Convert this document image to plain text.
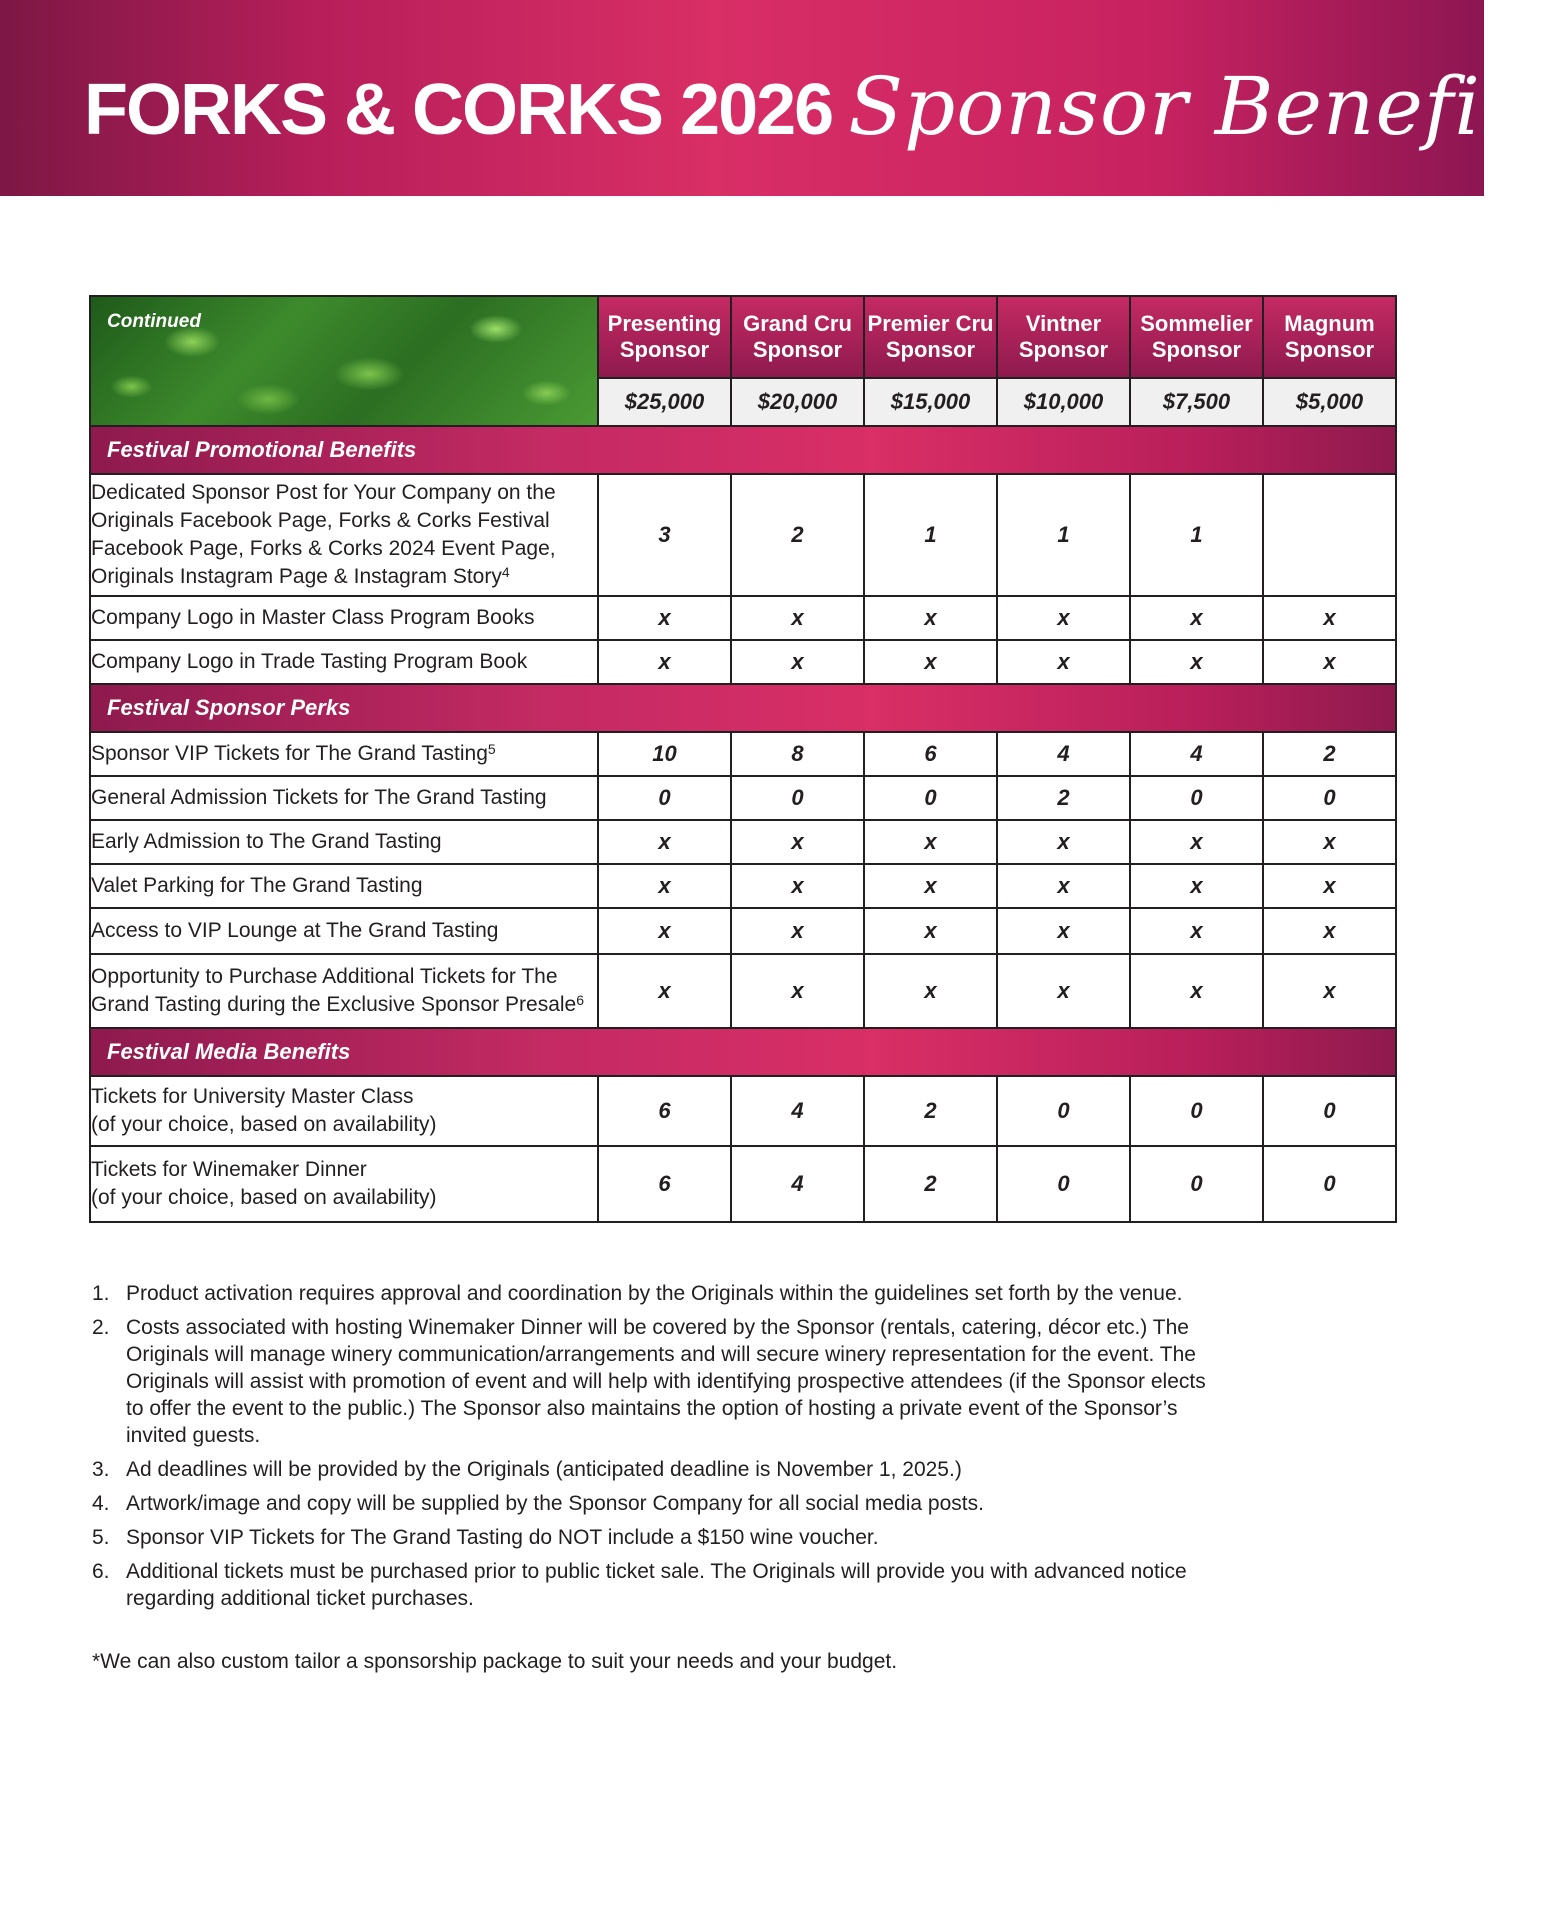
FORKS & CORKS 2026 Sponsor Benefits
Continued	Presenting Sponsor	Grand Cru Sponsor	Premier Cru Sponsor	Vintner Sponsor	Sommelier Sponsor	Magnum Sponsor
	$25,000	$20,000	$15,000	$10,000	$7,500	$5,000
Festival Promotional Benefits						
Dedicated Sponsor Post for Your Company on the Originals Facebook Page, Forks & Corks Festival Facebook Page, Forks & Corks 2024 Event Page, Originals Instagram Page & Instagram Story$^4$	3	2	1	1	1	
Company Logo in Master Class Program Books	x	x	x	x	x	x
Company Logo in Trade Tasting Program Book	x	x	x	x	x	x
Festival Sponsor Perks						
Sponsor VIP Tickets for The Grand Tasting$^5$	10	8	6	4	4	2
General Admission Tickets for The Grand Tasting	0	0	0	2	0	0
Early Admission to The Grand Tasting	x	x	x	x	x	x
Valet Parking for The Grand Tasting	x	x	x	x	x	x
Access to VIP Lounge at The Grand Tasting	x	x	x	x	x	x
Opportunity to Purchase Additional Tickets for The Grand Tasting during the Exclusive Sponsor Presale$^6$	x	x	x	x	x	x
Festival Media Benefits						
Tickets for University Master Class
(of your choice, based on availability)	6	4	2	0	0	0
Tickets for Winemaker Dinner
(of your choice, based on availability)	6	4	2	0	0	0
1. Product activation requires approval and coordination by the Originals within the guidelines set forth by the venue.
2. Costs associated with hosting Winemaker Dinner will be covered by the Sponsor (rentals, catering, décor etc.) The Originals will manage winery communication/arrangements and will secure winery representation for the event. The Originals will assist with promotion of event and will help with identifying prospective attendees (if the Sponsor elects to offer the event to the public.) The Sponsor also maintains the option of hosting a private event of the Sponsor’s invited guests.
3. Ad deadlines will be provided by the Originals (anticipated deadline is November 1, 2025.)
4. Artwork/image and copy will be supplied by the Sponsor Company for all social media posts.
5. Sponsor VIP Tickets for The Grand Tasting do NOT include a $150 wine voucher.
6. Additional tickets must be purchased prior to public ticket sale. The Originals will provide you with advanced notice regarding additional ticket purchases.
*We can also custom tailor a sponsorship package to suit your needs and your budget.
